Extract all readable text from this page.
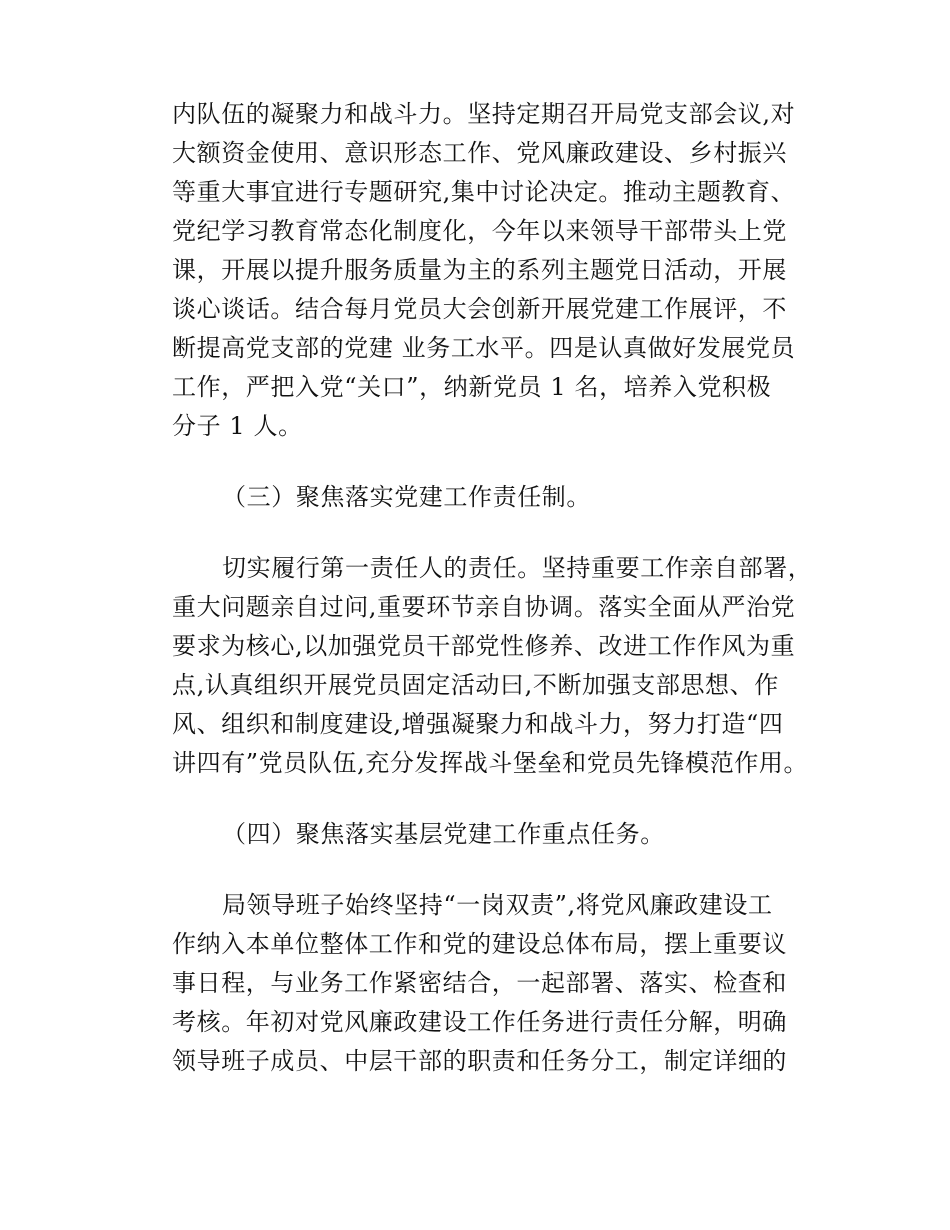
内队伍的凝聚力和战斗力。坚持定期召开局党支部会议,对
大额资金使用、意识形态工作、党风廉政建设、乡村振兴
等重大事宜进行专题研究,集中讨论决定。推动主题教育、
党纪学习教育常态化制度化，今年以来领导干部带头上党
课，开展以提升服务质量为主的系列主题党日活动，开展
谈心谈话。结合每月党员大会创新开展党建工作展评，不
断提高党支部的党建 业务工水平。四是认真做好发展党员
工作，严把入党“关口”，纳新党员 1 名，培养入党积极
分子 1 人。
（三）聚焦落实党建工作责任制。
切实履行第一责任人的责任。坚持重要工作亲自部署，
重大问题亲自过问,重要环节亲自协调。落实全面从严治党
要求为核心,以加强党员干部党性修养、改进工作作风为重
点,认真组织开展党员固定活动曰,不断加强支部思想、作
风、组织和制度建设,增强凝聚力和战斗力，努力打造“四
讲四有”党员队伍,充分发挥战斗堡垒和党员先锋模范作用。
（四）聚焦落实基层党建工作重点任务。
局领导班子始终坚持“一岗双责”,将党风廉政建设工
作纳入本单位整体工作和党的建设总体布局，摆上重要议
事日程，与业务工作紧密结合，一起部署、落实、检查和
考核。年初对党风廉政建设工作任务进行责任分解，明确
领导班子成员、中层干部的职责和任务分工，制定详细的
